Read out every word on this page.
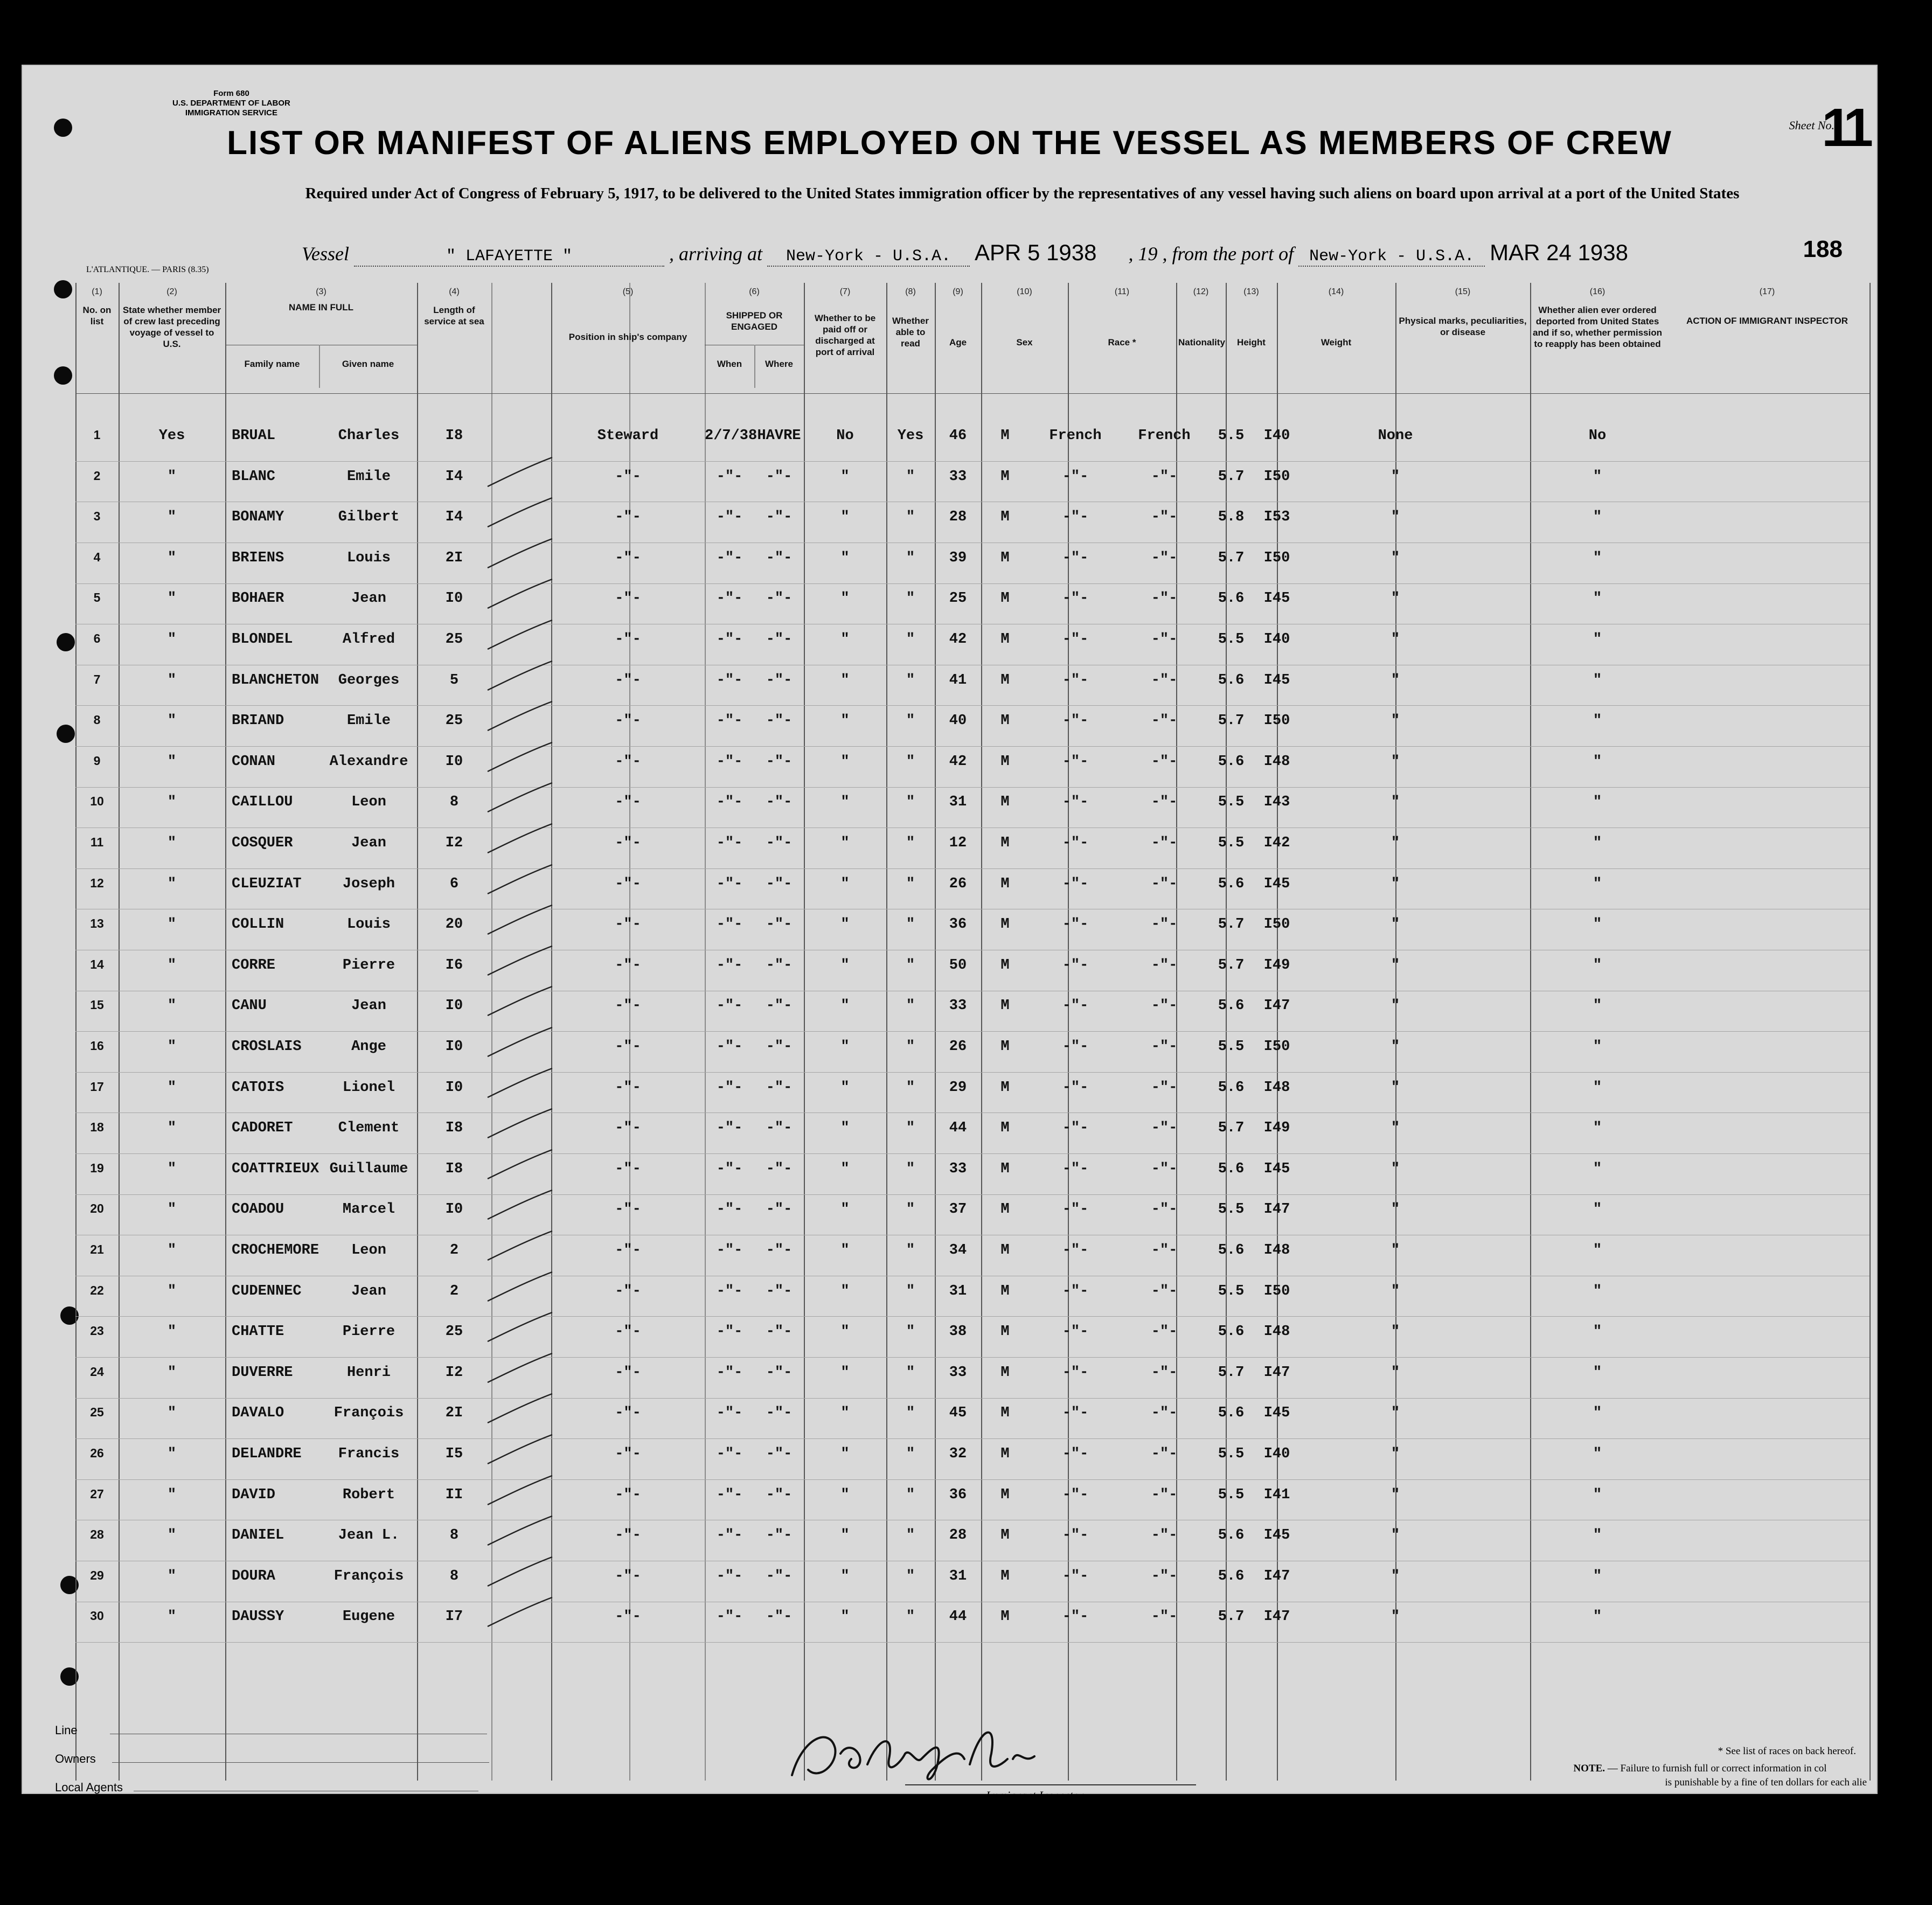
Form 680
U.S. DEPARTMENT OF LABOR
IMMIGRATION SERVICE
Sheet No.
11
LIST OR MANIFEST OF ALIENS EMPLOYED ON THE VESSEL AS MEMBERS OF CREW
Required under Act of Congress of February 5, 1917, to be delivered to the United States immigration officer by the representatives of any vessel having such aliens on board upon arrival at a port of the United States
Vessel	" LAFAYETTE "	, arriving at New-York - U.S.A. APR 5 1938 , 19 , from the port of New-York - U.S.A. MAR 24 1938	188
L'ATLANTIQUE. — PARIS (8.35)
(1)
No. on list
(2)
State whether member of crew last preceding voyage of vessel to U.S.
(3)
NAME IN FULL
(4)
Length of service at sea
(5)
Position in ship's company
(6)
SHIPPED OR ENGAGED
(7)
Whether to be paid off or discharged at port of arrival
(8)
Whether able to read
(9)
Age
(10)
Sex
(11)
Race *
(12)
Nationality
(13)
Height
(14)
Weight
(15)
Physical marks, peculiarities, or disease
(16)
Whether alien ever ordered deported from United States and if so, whether permission to reapply has been obtained
(17)
ACTION OF IMMIGRANT INSPECTOR
Family name	Given name	When	Where
1	Yes	BRUAL	Charles	I8	Steward	2/7/38 HAVRE	No	Yes	46	M	French	French	5.5	I40	None	No
2	"	BLANC	Emile	I4	-"-	-"-	-"-	"	"	33	M	-"-	-"-	5.7	I50	"	"
3	"	BONAMY	Gilbert	I4	-"-	-"-	-"-	"	"	28	M	-"-	-"-	5.8	I53	"	"
4	"	BRIENS	Louis	2I	-"-	-"-	-"-	"	"	39	M	-"-	-"-	5.7	I50	"	"
5	"	BOHAER	Jean	I0	-"-	-"-	-"-	"	"	25	M	-"-	-"-	5.6	I45	"	"
6	"	BLONDEL	Alfred	25	-"-	-"-	-"-	"	"	42	M	-"-	-"-	5.5	I40	"	"
7	"	BLANCHETON	Georges	5	-"-	-"-	-"-	"	"	41	M	-"-	-"-	5.6	I45	"	"
8	"	BRIAND	Emile	25	-"-	-"-	-"-	"	"	40	M	-"-	-"-	5.7	I50	"	"
9	"	CONAN	Alexandre	I0	-"-	-"-	-"-	"	"	42	M	-"-	-"-	5.6	I48	"	"
10	"	CAILLOU	Leon	8	-"-	-"-	-"-	"	"	31	M	-"-	-"-	5.5	I43	"	"
11	"	COSQUER	Jean	I2	-"-	-"-	-"-	"	"	12	M	-"-	-"-	5.5	I42	"	"
12	"	CLEUZIAT	Joseph	6	-"-	-"-	-"-	"	"	26	M	-"-	-"-	5.6	I45	"	"
13	"	COLLIN	Louis	20	-"-	-"-	-"-	"	"	36	M	-"-	-"-	5.7	I50	"	"
14	"	CORRE	Pierre	I6	-"-	-"-	-"-	"	"	50	M	-"-	-"-	5.7	I49	"	"
15	"	CANU	Jean	I0	-"-	-"-	-"-	"	"	33	M	-"-	-"-	5.6	I47	"	"
16	"	CROSLAIS	Ange	I0	-"-	-"-	-"-	"	"	26	M	-"-	-"-	5.5	I50	"	"
17	"	CATOIS	Lionel	I0	-"-	-"-	-"-	"	"	29	M	-"-	-"-	5.6	I48	"	"
18	"	CADORET	Clement	I8	-"-	-"-	-"-	"	"	44	M	-"-	-"-	5.7	I49	"	"
19	"	COATTRIEUX Guillaume	I8	-"-	-"-	-"-	"	"	33	M	-"-	-"-	5.6	I45	"	"
20	"	COADOU	Marcel	I0	-"-	-"-	-"-	"	"	37	M	-"-	-"-	5.5	I47	"	"
21	"	CROCHEMORE	Leon	2	-"-	-"-	-"-	"	"	34	M	-"-	-"-	5.6	I48	"	"
22	"	CUDENNEC	Jean	2	-"-	-"-	-"-	"	"	31	M	-"-	-"-	5.5	I50	"	"
23	"	CHATTE	Pierre	25	-"-	-"-	-"-	"	"	38	M	-"-	-"-	5.6	I48	"	"
24	"	DUVERRE	Henri	I2	-"-	-"-	-"-	"	"	33	M	-"-	-"-	5.7	I47	"	"
25	"	DAVALO	François	2I	-"-	-"-	-"-	"	"	45	M	-"-	-"-	5.6	I45	"	"
26	"	DELANDRE	Francis	I5	-"-	-"-	-"-	"	"	32	M	-"-	-"-	5.5	I40	"	"
27	"	DAVID	Robert	II	-"-	-"-	-"-	"	"	36	M	-"-	-"-	5.5	I41	"	"
28	"	DANIEL	Jean L.	8	-"-	-"-	-"-	"	"	28	M	-"-	-"-	5.6	I45	"	"
29	"	DOURA	François	8	-"-	-"-	-"-	"	"	31	M	-"-	-"-	5.6	I47	"	"
30	"	DAUSSY	Eugene	I7	-"-	-"-	-"-	"	"	44	M	-"-	-"-	5.7	I47	"	"
Line
Owners
Local Agents
Immigrant Inspector.
* See list of races on back hereof.
NOTE. — Failure to furnish full or correct information in col
is punishable by a fine of ten dollars for each alie
